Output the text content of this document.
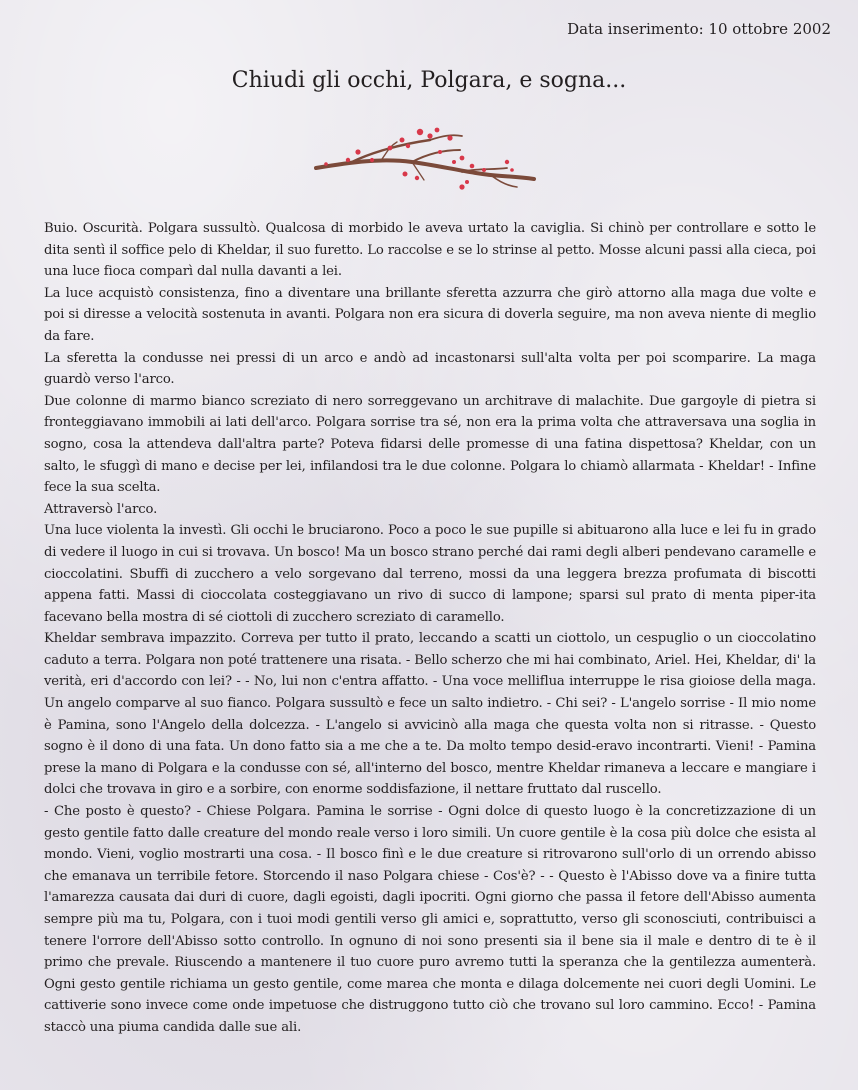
Data inserimento: 10 ottobre 2002
Chiudi gli occhi, Polgara, e sogna...

Buio. Oscurità. Polgara sussultò. Qualcosa di morbido le aveva urtato la caviglia. Si chinò per controllare e sotto le dita sentì il soffice pelo di Kheldar, il suo furetto. Lo raccolse e se lo strinse al petto. Mosse alcuni passi alla cieca, poi una luce fioca comparì dal nulla davanti a lei.

La luce acquistò consistenza, fino a diventare una brillante sferetta azzurra che girò attorno alla maga due volte e poi si diresse a velocità sostenuta in avanti. Polgara non era sicura di doverla seguire, ma non aveva niente di meglio da fare.

La sferetta la condusse nei pressi di un arco e andò ad incastonarsi sull'alta volta per poi scomparire. La maga guardò verso l'arco.

Due colonne di marmo bianco screziato di nero sorreggevano un architrave di malachite. Due gargoyle di pietra si fronteggiavano immobili ai lati dell'arco. Polgara sorrise tra sé, non era la prima volta che attraversava una soglia in sogno, cosa la attendeva dall'altra parte? Poteva fidarsi delle promesse di una fatina dispettosa? Kheldar, con un salto, le sfuggì di mano e decise per lei, infilandosi tra le due colonne. Polgara lo chiamò allarmata - Kheldar! - Infine fece la sua scelta.

Attraversò l'arco.

Una luce violenta la investì. Gli occhi le bruciarono. Poco a poco le sue pupille si abituarono alla luce e lei fu in grado di vedere il luogo in cui si trovava. Un bosco! Ma un bosco strano perché dai rami degli alberi pendevano caramelle e cioccolatini. Sbuffi di zucchero a velo sorgevano dal terreno, mossi da una leggera brezza profumata di biscotti appena fatti. Massi di cioccolata costeggiavano un rivo di succo di lampone; sparsi sul prato di menta piper-ita facevano bella mostra di sé ciottoli di zucchero screziato di caramello.

Kheldar sembrava impazzito. Correva per tutto il prato, leccando a scatti un ciottolo, un cespuglio o un cioccolatino caduto a terra. Polgara non poté trattenere una risata. - Bello scherzo che mi hai combinato, Ariel. Hei, Kheldar, di' la verità, eri d'accordo con lei? - - No, lui non c'entra affatto. - Una voce melliflua interruppe le risa gioiose della maga. Un angelo comparve al suo fianco. Polgara sussultò e fece un salto indietro. - Chi sei? - L'angelo sorrise - Il mio nome è Pamina, sono l'Angelo della dolcezza. - L'angelo si avvicinò alla maga che questa volta non si ritrasse. - Questo sogno è il dono di una fata. Un dono fatto sia a me che a te. Da molto tempo desid-eravo incontrarti. Vieni! - Pamina prese la mano di Polgara e la condusse con sé, all'interno del bosco, mentre Kheldar rimaneva a leccare e mangiare i dolci che trovava in giro e a sorbire, con enorme soddisfazione, il nettare fruttato dal ruscello.

- Che posto è questo? - Chiese Polgara. Pamina le sorrise - Ogni dolce di questo luogo è la concretizzazione di un gesto gentile fatto dalle creature del mondo reale verso i loro simili. Un cuore gentile è la cosa più dolce che esista al mondo. Vieni, voglio mostrarti una cosa. - Il bosco finì e le due creature si ritrovarono sull'orlo di un orrendo abisso che emanava un terribile fetore. Storcendo il naso Polgara chiese - Cos'è? - - Questo è l'Abisso dove va a finire tutta l'amarezza causata dai duri di cuore, dagli egoisti, dagli ipocriti. Ogni giorno che passa il fetore dell'Abisso aumenta sempre più ma tu, Polgara, con i tuoi modi gentili verso gli amici e, soprattutto, verso gli sconosciuti, contribuisci a tenere l'orrore dell'Abisso sotto controllo. In ognuno di noi sono presenti sia il bene sia il male e dentro di te è il primo che prevale. Riuscendo a mantenere il tuo cuore puro avremo tutti la speranza che la gentilezza aumenterà. Ogni gesto gentile richiama un gesto gentile, come marea che monta e dilaga dolcemente nei cuori degli Uomini. Le cattiverie sono invece come onde impetuose che distruggono tutto ciò che trovano sul loro cammino. Ecco! - Pamina staccò una piuma candida dalle sue ali.
